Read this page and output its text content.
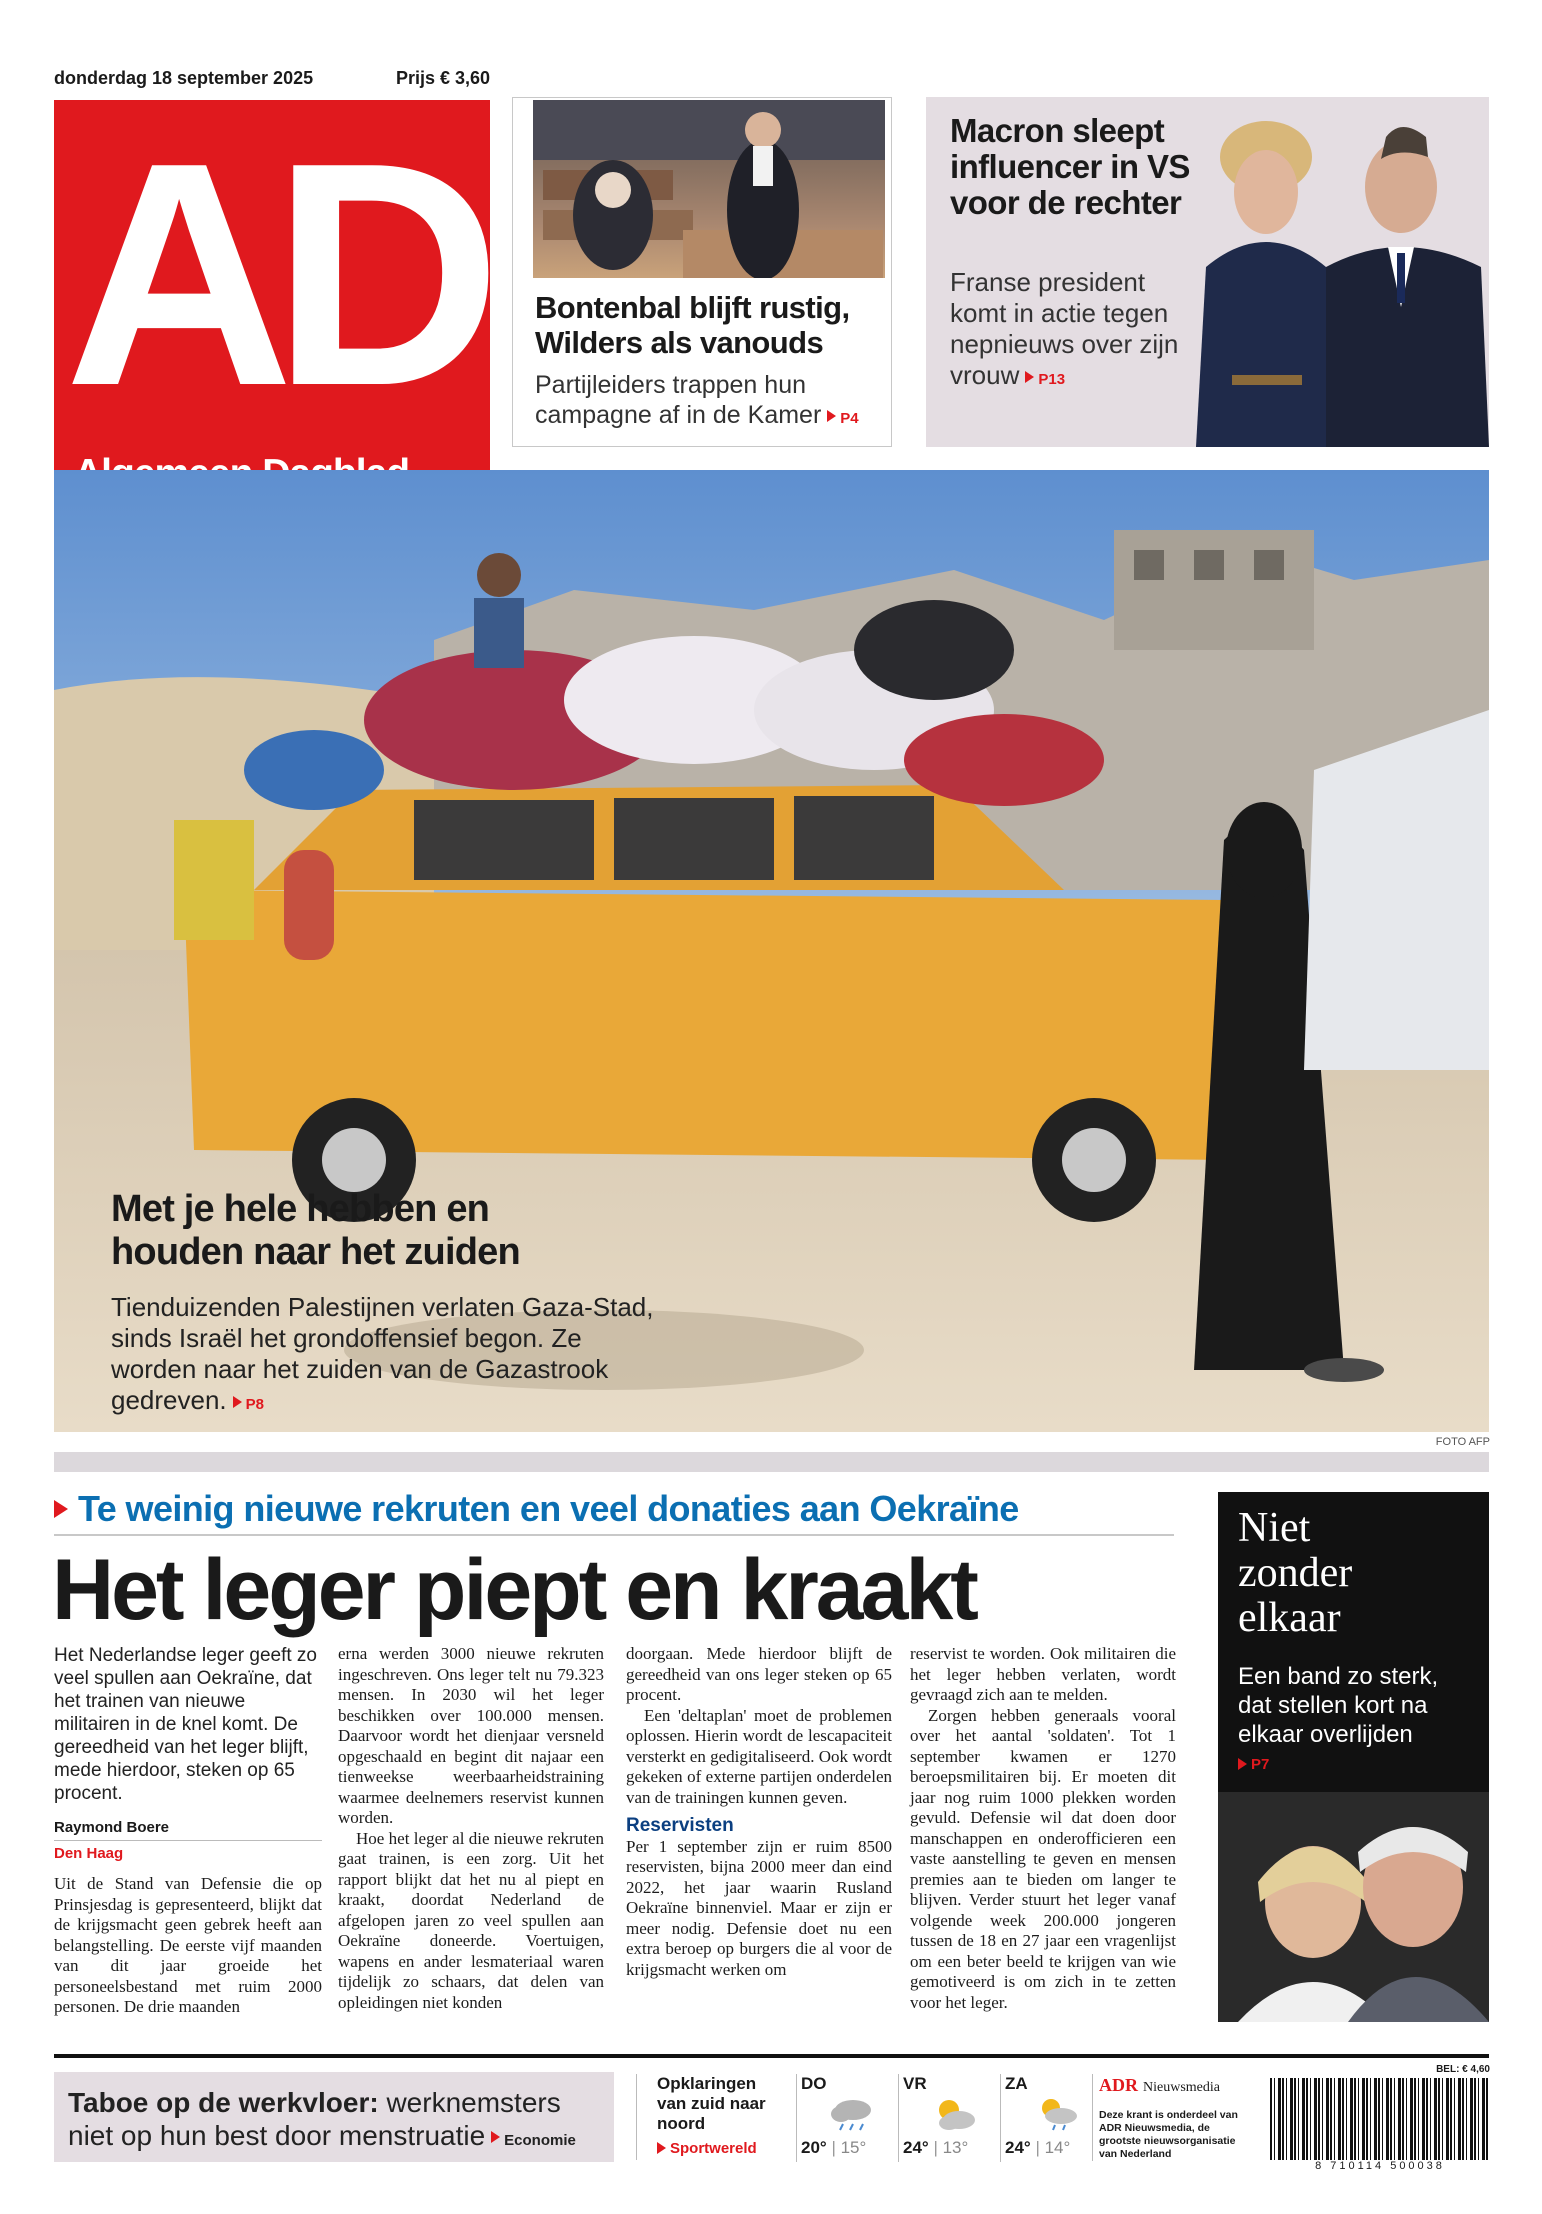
donderdag 18 september 2025	Prijs € 3,60
AD	Bontenbal blijft rustig, Wilders als vanouds
Partijleiders trappen hun campagne af in de Kamer P4
Macron sleept influencer in VS voor de rechter
Franse president komt in actie tegen nepnieuws over zijn vrouw P13
Met je hele hebben en houden naar het zuiden
Tienduizenden Palestijnen verlaten Gaza-Stad, sinds Israël het grondoffensief begon. Ze worden naar het zuiden van de Gazastrook gedreven. P8
FOTO AFP
Te weinig nieuwe rekruten en veel donaties aan Oekraïne
Het leger piept en kraakt
Het Nederlandse leger geeft zo veel spullen aan Oekraïne, dat het trainen van nieuwe militairen in de knel komt. De gereedheid van het leger blijft, mede hierdoor, steken op 65 procent.
Raymond Boere
Den Haag

Uit de Stand van Defensie die op Prinsjesdag is gepresenteerd, blijkt dat de krijgsmacht geen gebrek heeft aan belangstelling. De eerste vijf maanden van dit jaar groeide het personeelsbestand met ruim 2000 personen. De drie maanden

erna werden 3000 nieuwe rekruten ingeschreven. Ons leger telt nu 79.323 mensen. In 2030 wil het leger beschikken over 100.000 mensen. Daarvoor wordt het dienjaar versneld opgeschaald en begint dit najaar een tienweekse weerbaarheidstraining waarmee deelnemers reservist kunnen worden.

Hoe het leger al die nieuwe rekruten gaat trainen, is een zorg. Uit het rapport blijkt dat het nu al piept en kraakt, doordat Nederland de afgelopen jaren zo veel spullen aan Oekraïne doneerde. Voertuigen, wapens en ander lesmateriaal waren tijdelijk zo schaars, dat delen van opleidingen niet konden

doorgaan. Mede hierdoor blijft de gereedheid van ons leger steken op 65 procent.

Een 'deltaplan' moet de problemen oplossen. Hierin wordt de lescapaciteit versterkt en gedigitaliseerd. Ook wordt gekeken of externe partijen onderdelen van de trainingen kunnen geven.

Reservisten

Per 1 september zijn er ruim 8500 reservisten, bijna 2000 meer dan eind 2022, het jaar waarin Rusland Oekraïne binnenviel. Maar er zijn er meer nodig. Defensie doet nu een extra beroep op burgers die al voor de krijgsmacht werken om

reservist te worden. Ook militairen die het leger hebben verlaten, wordt gevraagd zich aan te melden.

Zorgen hebben generaals vooral over het aantal 'soldaten'. Tot 1 september kwamen er 1270 beroepsmilitairen bij. Er moeten dit jaar nog ruim 1000 plekken worden gevuld. Defensie wil dat doen door manschappen en onderofficieren een vaste aanstelling te geven en mensen premies aan te bieden om langer te blijven. Verder stuurt het leger vanaf volgende week 200.000 jongeren tussen de 18 en 27 jaar een vragenlijst om een beter beeld te krijgen van wie gemotiveerd is om zich in te zetten voor het leger.

Niet zonder elkaar
Een band zo sterk, dat stellen kort na elkaar overlijden
P7
Taboe op de werkvloer: werknemsters niet op hun best door menstruatie Economie
Opklaringen van zuid naar noord
Sportwereld
DO
20° | 15°
VR
24° | 13°
ZA
24° | 14°
ADR Nieuwsmedia
Deze krant is onderdeel van ADR Nieuwsmedia, de grootste nieuwsorganisatie van Nederland
BEL: € 4,60
8 710114 500038
